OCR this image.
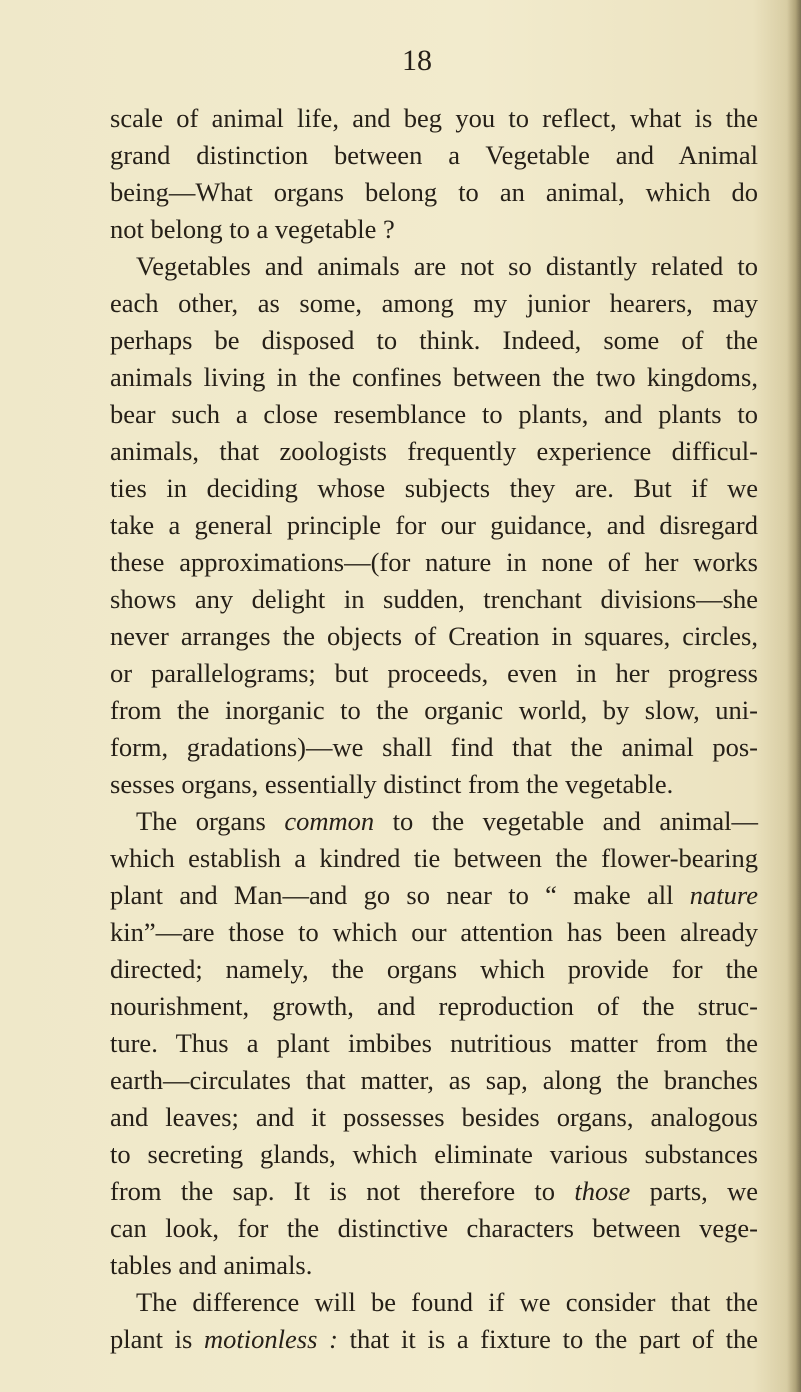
18
scale of animal life, and beg you to reflect, what is the
grand distinction between a Vegetable and Animal
being—What organs belong to an animal, which do
not belong to a vegetable ?
Vegetables and animals are not so distantly related to
each other, as some, among my junior hearers, may
perhaps be disposed to think. Indeed, some of the
animals living in the confines between the two kingdoms,
bear such a close resemblance to plants, and plants to
animals, that zoologists frequently experience difficul-
ties in deciding whose subjects they are. But if we
take a general principle for our guidance, and disregard
these approximations—(for nature in none of her works
shows any delight in sudden, trenchant divisions—she
never arranges the objects of Creation in squares, circles,
or parallelograms; but proceeds, even in her progress
from the inorganic to the organic world, by slow, uni-
form, gradations)—we shall find that the animal pos-
sesses organs, essentially distinct from the vegetable.
The organs common to the vegetable and animal—
which establish a kindred tie between the flower-bearing
plant and Man—and go so near to “ make all nature
kin”—are those to which our attention has been already
directed; namely, the organs which provide for the
nourishment, growth, and reproduction of the struc-
ture. Thus a plant imbibes nutritious matter from the
earth—circulates that matter, as sap, along the branches
and leaves; and it possesses besides organs, analogous
to secreting glands, which eliminate various substances
from the sap. It is not therefore to those parts, we
can look, for the distinctive characters between vege-
tables and animals.
The difference will be found if we consider that the
plant is motionless : that it is a fixture to the part of the
